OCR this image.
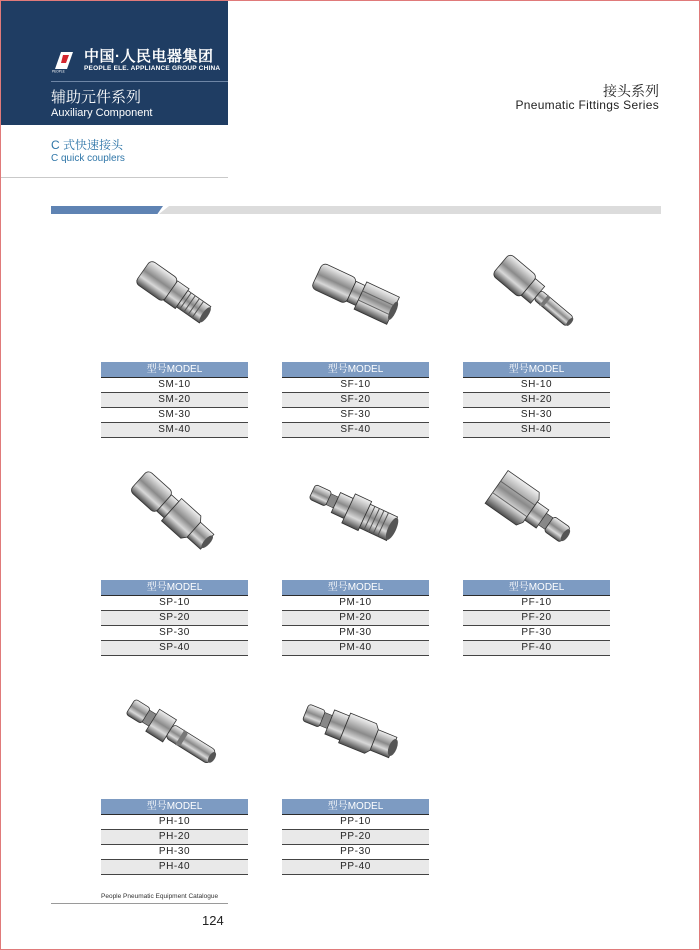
PEOPLE
中国·人民电器集团
PEOPLE ELE. APPLIANCE GROUP CHINA
辅助元件系列
Auxiliary Component
C 式快速接头
C quick couplers
接头系列
Pneumatic Fittings Series
型号MODEL
SM-10
SM-20
SM-30
SM-40
型号MODEL
SF-10
SF-20
SF-30
SF-40
型号MODEL
SH-10
SH-20
SH-30
SH-40
型号MODEL
SP-10
SP-20
SP-30
SP-40
型号MODEL
PM-10
PM-20
PM-30
PM-40
型号MODEL
PF-10
PF-20
PF-30
PF-40
型号MODEL
PH-10
PH-20
PH-30
PH-40
型号MODEL
PP-10
PP-20
PP-30
PP-40
People Pneumatic Equipment Catalogue
124
